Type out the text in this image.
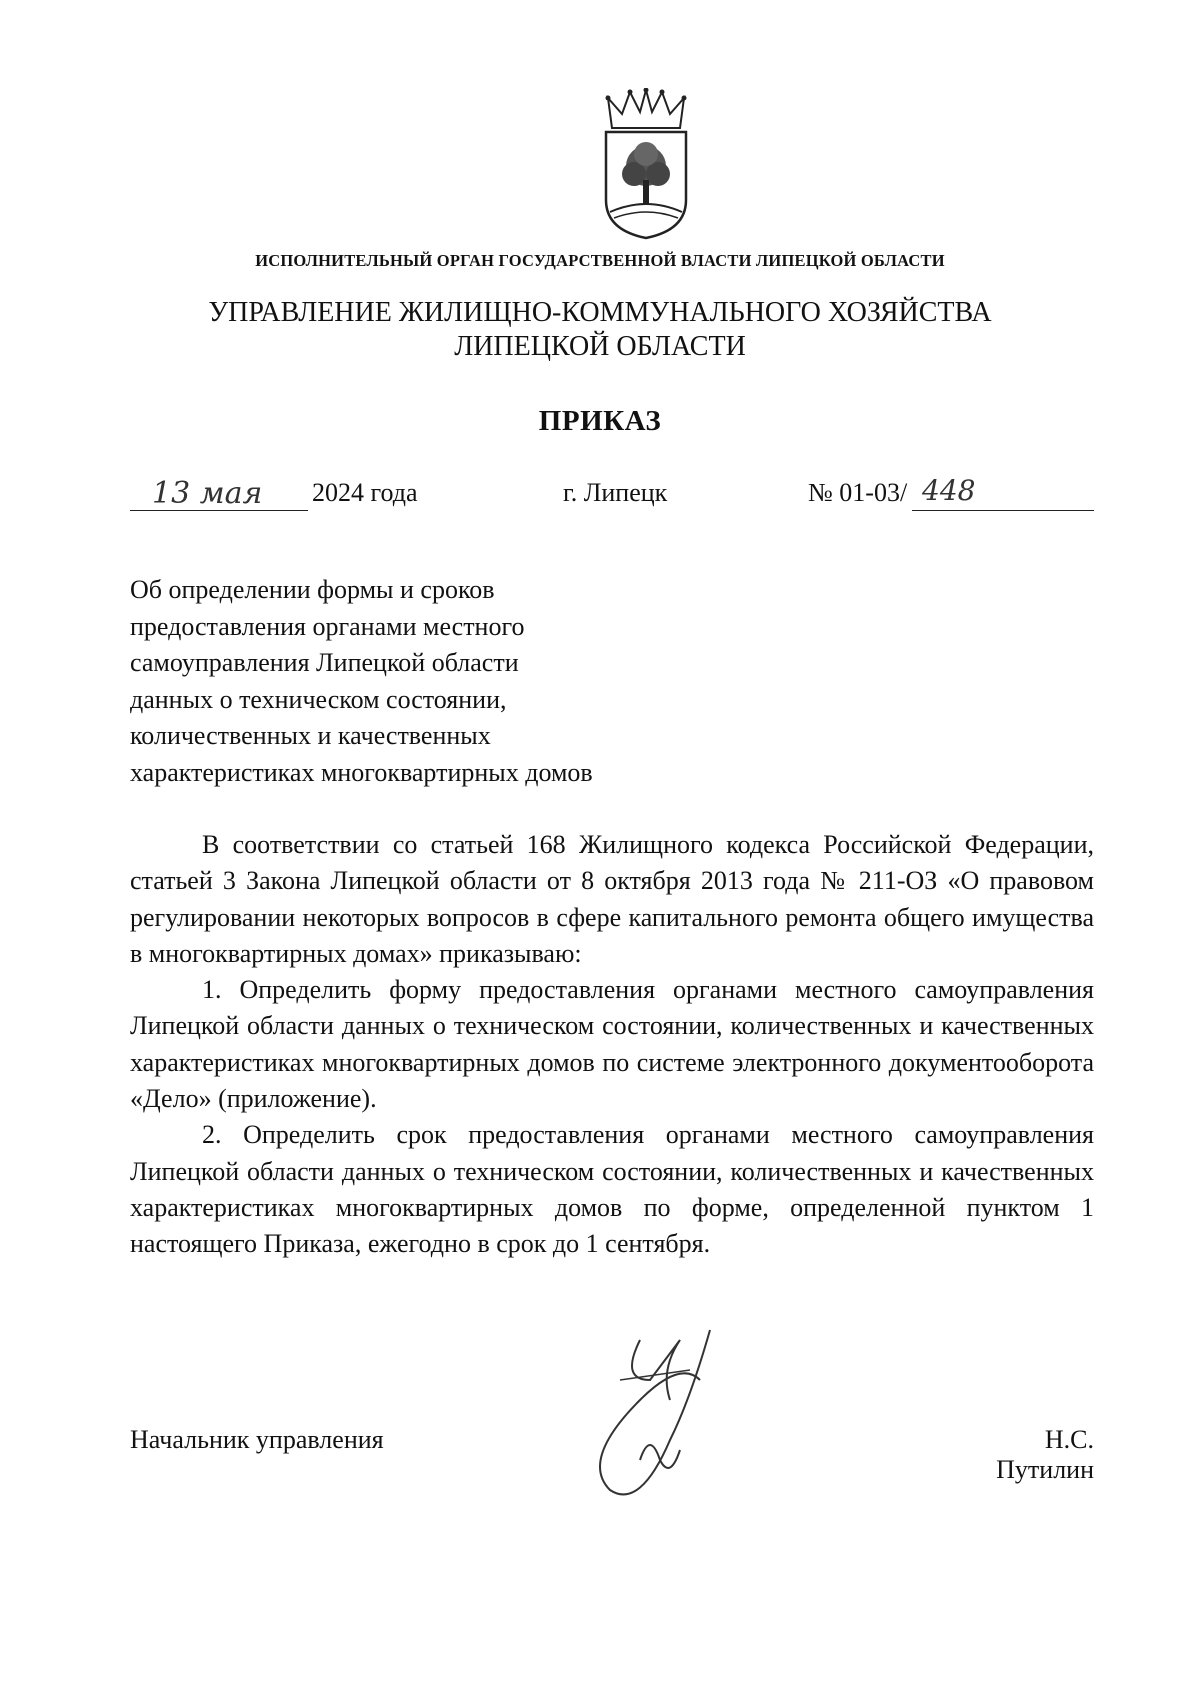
ИСПОЛНИТЕЛЬНЫЙ ОРГАН ГОСУДАРСТВЕННОЙ ВЛАСТИ ЛИПЕЦКОЙ ОБЛАСТИ
УПРАВЛЕНИЕ ЖИЛИЩНО-КОММУНАЛЬНОГО ХОЗЯЙСТВА
ЛИПЕЦКОЙ ОБЛАСТИ
ПРИКАЗ
13 мая 2024 года	г. Липецк	№ 01-03/ 448
Об определении формы и сроков
предоставления органами местного
самоуправления Липецкой области
данных о техническом состоянии,
количественных и качественных
характеристиках многоквартирных домов

В соответствии со статьей 168 Жилищного кодекса Российской Федерации, статьей 3 Закона Липецкой области от 8 октября 2013 года № 211-ОЗ «О правовом регулировании некоторых вопросов в сфере капитального ремонта общего имущества в многоквартирных домах» приказываю:

1. Определить форму предоставления органами местного самоуправления Липецкой области данных о техническом состоянии, количественных и качественных характеристиках многоквартирных домов по системе электронного документооборота «Дело» (приложение).

2. Определить срок предоставления органами местного самоуправления Липецкой области данных о техническом состоянии, количественных и качественных характеристиках многоквартирных домов по форме, определенной пунктом 1 настоящего Приказа, ежегодно в срок до 1 сентября.

Начальник управления	Н.С. Путилин
